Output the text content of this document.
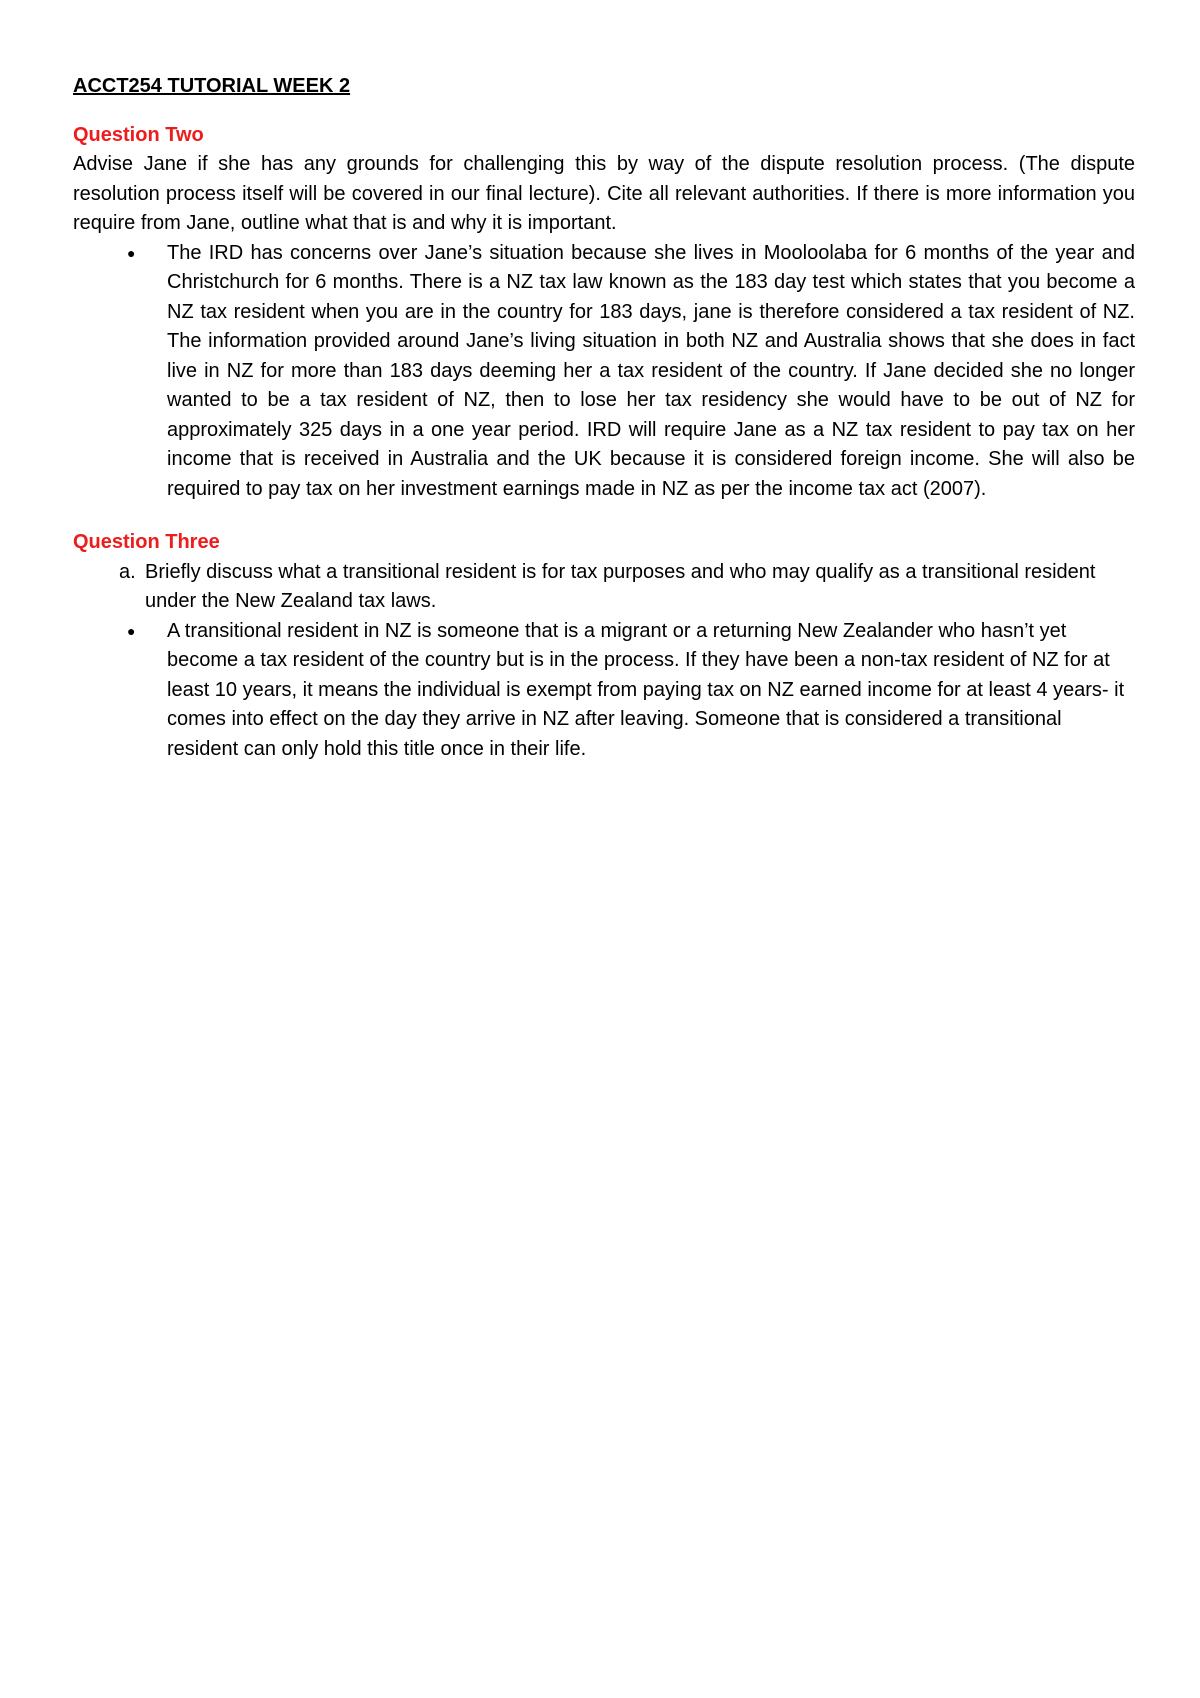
ACCT254 TUTORIAL WEEK 2
Question Two

Advise Jane if she has any grounds for challenging this by way of the dispute resolution process. (The dispute resolution process itself will be covered in our final lecture). Cite all relevant authorities. If there is more information you require from Jane, outline what that is and why it is important.

● The IRD has concerns over Jane’s situation because she lives in Mooloolaba for 6 months of the year and Christchurch for 6 months. There is a NZ tax law known as the 183 day test which states that you become a NZ tax resident when you are in the country for 183 days, jane is therefore considered a tax resident of NZ. The information provided around Jane’s living situation in both NZ and Australia shows that she does in fact live in NZ for more than 183 days deeming her a tax resident of the country. If Jane decided she no longer wanted to be a tax resident of NZ, then to lose her tax residency she would have to be out of NZ for approximately 325 days in a one year period. IRD will require Jane as a NZ tax resident to pay tax on her income that is received in Australia and the UK because it is considered foreign income. She will also be required to pay tax on her investment earnings made in NZ as per the income tax act (2007).
Question Three
a. Briefly discuss what a transitional resident is for tax purposes and who may qualify as a transitional resident under the New Zealand tax laws.
● A transitional resident in NZ is someone that is a migrant or a returning New Zealander who hasn’t yet become a tax resident of the country but is in the process. If they have been a non-tax resident of NZ for at least 10 years, it means the individual is exempt from paying tax on NZ earned income for at least 4 years- it comes into effect on the day they arrive in NZ after leaving. Someone that is considered a transitional resident can only hold this title once in their life.
